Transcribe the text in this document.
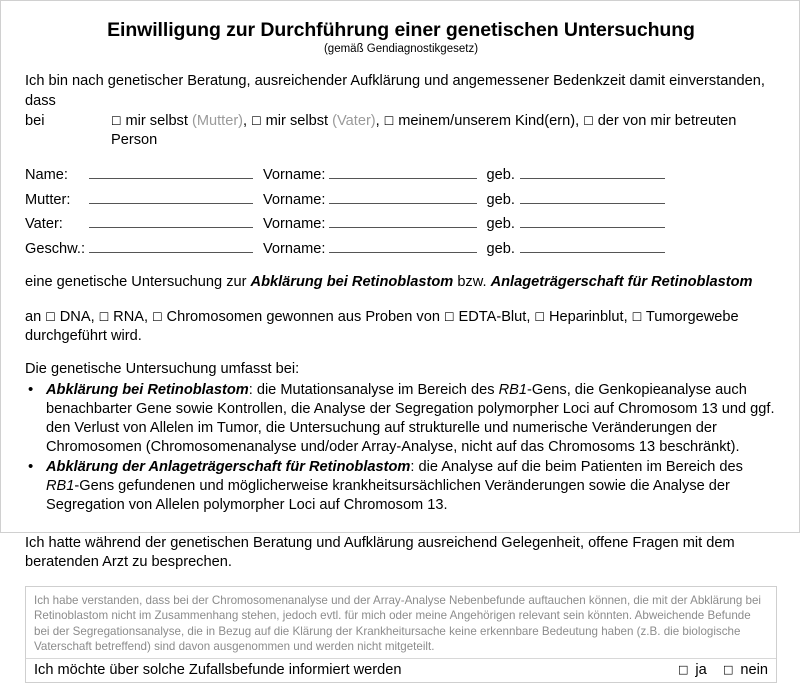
Einwilligung zur Durchführung einer genetischen Untersuchung
(gemäß Gendiagnostikgesetz)
Ich bin nach genetischer Beratung, ausreichender Aufklärung und angemessener Bedenkzeit damit einverstanden, dass
bei	□ mir selbst (Mutter), □ mir selbst (Vater), □ meinem/unserem Kind(ern), □ der von mir betreuten Person
Name:	Vorname:	geb.
Mutter:	Vorname:	geb.
Vater:	Vorname:	geb.
Geschw.:	Vorname:	geb.
eine genetische Untersuchung zur Abklärung bei Retinoblastom bzw. Anlageträgerschaft für Retinoblastom
an □ DNA, □ RNA, □ Chromosomen gewonnen aus Proben von □ EDTA-Blut, □ Heparinblut, □ Tumorgewebe durchgeführt wird.
Die genetische Untersuchung umfasst bei:
• Abklärung bei Retinoblastom: die Mutationsanalyse im Bereich des RB1-Gens, die Genkopieanalyse auch benachbarter Gene sowie Kontrollen, die Analyse der Segregation polymorpher Loci auf Chromosom 13 und ggf. den Verlust von Allelen im Tumor, die Untersuchung auf strukturelle und numerische Veränderungen der Chromosomen (Chromosomenanalyse und/oder Array-Analyse, nicht auf das Chromosoms 13 beschränkt).
• Abklärung der Anlageträgerschaft für Retinoblastom: die Analyse auf die beim Patienten im Bereich des RB1-Gens gefundenen und möglicherweise krankheitsursächlichen Veränderungen sowie die Analyse der Segregation von Allelen polymorpher Loci auf Chromosom 13.
Ich hatte während der genetischen Beratung und Aufklärung ausreichend Gelegenheit, offene Fragen mit dem beratenden Arzt zu besprechen.

Ich habe verstanden, dass bei der Chromosomenanalyse und der Array-Analyse Nebenbefunde auftauchen können, die mit der Abklärung bei Retinoblastom nicht im Zusammenhang stehen, jedoch evtl. für mich oder meine Angehörigen relevant sein könnten. Abweichende Befunde bei der Segregationsanalyse, die in Bezug auf die Klärung der Krankheitursache keine erkennbare Bedeutung haben (z.B. die biologische Vaterschaft betreffend) sind davon ausgenommen und werden nicht mitgeteilt.

Ich möchte über solche Zufallsbefunde informiert werden	□ ja □ nein
